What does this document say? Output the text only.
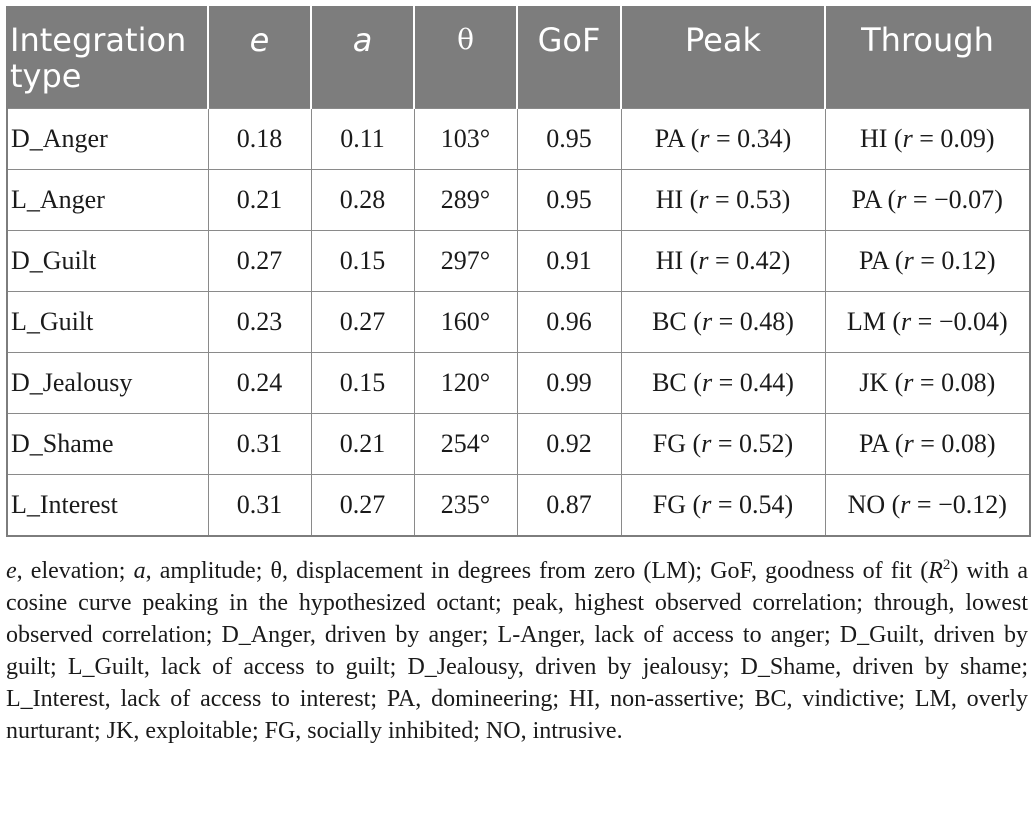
Integration type	e	a	θ	GoF	Peak	Through

D_Anger	0.18	0.11	103°	0.95	PA (r = 0.34)	HI (r = 0.09)
L_Anger	0.21	0.28	289°	0.95	HI (r = 0.53)	PA (r = −0.07)
D_Guilt	0.27	0.15	297°	0.91	HI (r = 0.42)	PA (r = 0.12)
L_Guilt	0.23	0.27	160°	0.96	BC (r = 0.48)	LM (r = −0.04)
D_Jealousy	0.24	0.15	120°	0.99	BC (r = 0.44)	JK (r = 0.08)
D_Shame	0.31	0.21	254°	0.92	FG (r = 0.52)	PA (r = 0.08)
L_Interest	0.31	0.27	235°	0.87	FG (r = 0.54)	NO (r = −0.12)

e, elevation; a, amplitude; θ, displacement in degrees from zero (LM); GoF, goodness of fit $(R^2)$ with a cosine curve peaking in the hypothesized octant; peak, highest observed correlation; through, lowest observed correlation; D_Anger, driven by anger; L-Anger, lack of access to anger; D_Guilt, driven by guilt; L_Guilt, lack of access to guilt; D_Jealousy, driven by jealousy; D_Shame, driven by shame; L_Interest, lack of access to interest; PA, domineering; HI, non-assertive; BC, vindictive; LM, overly nurturant; JK, exploitable; FG, socially inhibited; NO, intrusive.
